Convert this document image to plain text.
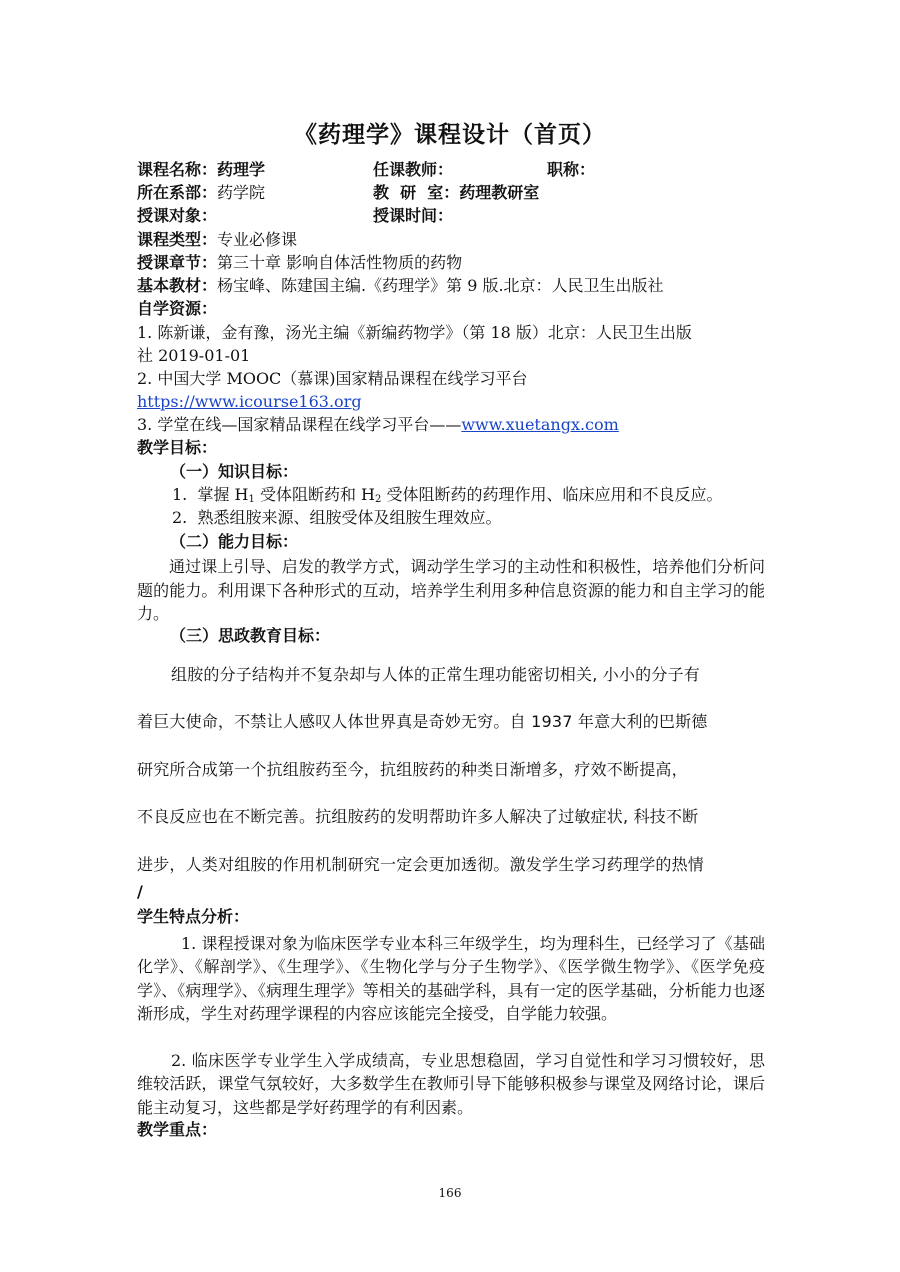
《药理学》课程设计（首页）
课程名称：药理学	任课教师：	职称：
所在系部：药学院	教  研  室：药理教研室
授课对象：	授课时间：
课程类型：专业必修课
授课章节：第三十章 影响自体活性物质的药物
基本教材：杨宝峰、陈建国主编.《药理学》第 9 版.北京：人民卫生出版社
自学资源：
1. 陈新谦，金有豫，汤光主编《新编药物学》（第 18 版）北京：人民卫生出版
社 2019-01-01
2. 中国大学 MOOC（慕课)国家精品课程在线学习平台
https://www.icourse163.org
3. 学堂在线—国家精品课程在线学习平台——www.xuetangx.com
教学目标：
（一）知识目标：
1.  掌握 $H_1$ 受体阻断药和 $H_2$ 受体阻断药的药理作用、临床应用和不良反应。
2.  熟悉组胺来源、组胺受体及组胺生理效应。
（二）能力目标：
通过课上引导、启发的教学方式，调动学生学习的主动性和积极性，培养他们分析问题的能力。利用课下各种形式的互动，培养学生利用多种信息资源的能力和自主学习的能力。
（三）思政教育目标：
组胺的分子结构并不复杂却与人体的正常生理功能密切相关, 小小的分子有
着巨大使命，不禁让人感叹人体世界真是奇妙无穷。自 1937 年意大利的巴斯德
研究所合成第一个抗组胺药至今，抗组胺药的种类日渐增多，疗效不断提高，
不良反应也在不断完善。抗组胺药的发明帮助许多人解决了过敏症状, 科技不断
进步，人类对组胺的作用机制研究一定会更加透彻。激发学生学习药理学的热情
/
学生特点分析：
1. 课程授课对象为临床医学专业本科三年级学生，均为理科生，已经学习了《基础化学》、《解剖学》、《生理学》、《生物化学与分子生物学》、《医学微生物学》、《医学免疫学》、《病理学》、《病理生理学》等相关的基础学科，具有一定的医学基础，分析能力也逐渐形成，学生对药理学课程的内容应该能完全接受，自学能力较强。
2. 临床医学专业学生入学成绩高，专业思想稳固，学习自觉性和学习习惯较好，思维较活跃，课堂气氛较好，大多数学生在教师引导下能够积极参与课堂及网络讨论，课后能主动复习，这些都是学好药理学的有利因素。
教学重点：
166
